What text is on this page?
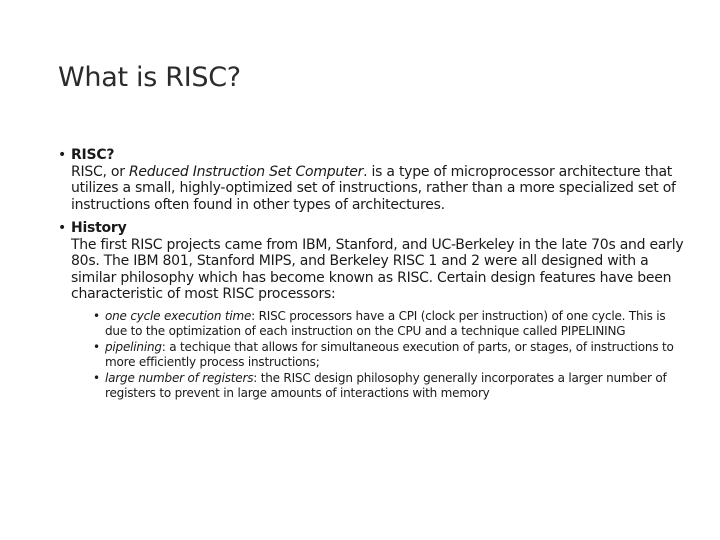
What is RISC?
• RISC?
RISC, or Reduced Instruction Set Computer. is a type of microprocessor architecture that utilizes a small, highly-optimized set of instructions, rather than a more specialized set of instructions often found in other types of architectures.
• History
The first RISC projects came from IBM, Stanford, and UC-Berkeley in the late 70s and early 80s. The IBM 801, Stanford MIPS, and Berkeley RISC 1 and 2 were all designed with a similar philosophy which has become known as RISC. Certain design features have been characteristic of most RISC processors:
• one cycle execution time: RISC processors have a CPI (clock per instruction) of one cycle. This is due to the optimization of each instruction on the CPU and a technique called PIPELINING
• pipelining: a techique that allows for simultaneous execution of parts, or stages, of instructions to more efficiently process instructions;
• large number of registers: the RISC design philosophy generally incorporates a larger number of registers to prevent in large amounts of interactions with memory
